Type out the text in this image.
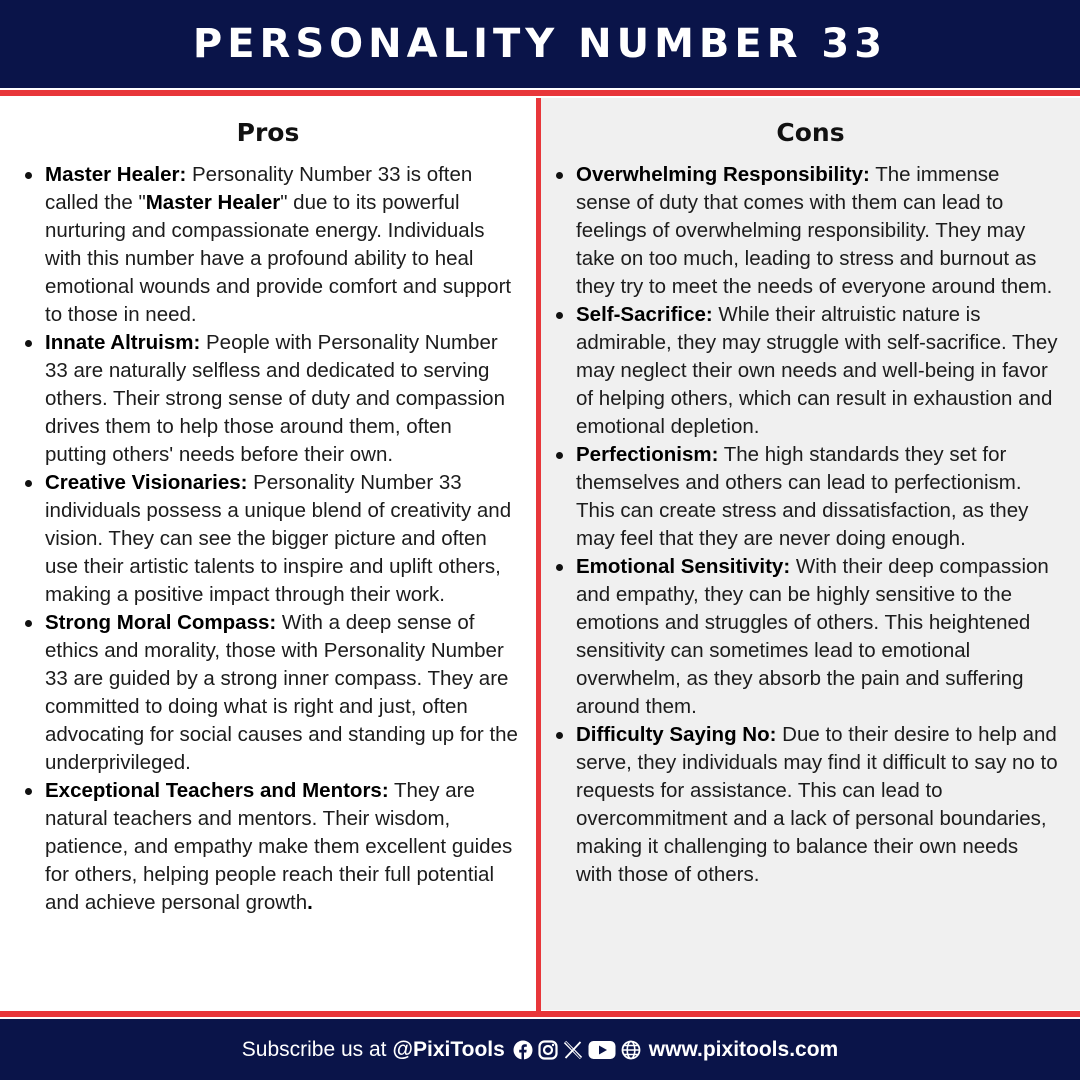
PERSONALITY NUMBER 33
Pros
Master Healer: Personality Number 33 is often called the "Master Healer" due to its powerful nurturing and compassionate energy. Individuals with this number have a profound ability to heal emotional wounds and provide comfort and support to those in need.
Innate Altruism: People with Personality Number 33 are naturally selfless and dedicated to serving others. Their strong sense of duty and compassion drives them to help those around them, often putting others' needs before their own.
Creative Visionaries: Personality Number 33 individuals possess a unique blend of creativity and vision. They can see the bigger picture and often use their artistic talents to inspire and uplift others, making a positive impact through their work.
Strong Moral Compass: With a deep sense of ethics and morality, those with Personality Number 33 are guided by a strong inner compass. They are committed to doing what is right and just, often advocating for social causes and standing up for the underprivileged.
Exceptional Teachers and Mentors: They are natural teachers and mentors. Their wisdom, patience, and empathy make them excellent guides for others, helping people reach their full potential and achieve personal growth.
Cons
Overwhelming Responsibility: The immense sense of duty that comes with them can lead to feelings of overwhelming responsibility. They may take on too much, leading to stress and burnout as they try to meet the needs of everyone around them.
Self-Sacrifice: While their altruistic nature is admirable, they may struggle with self-sacrifice. They may neglect their own needs and well-being in favor of helping others, which can result in exhaustion and emotional depletion.
Perfectionism: The high standards they set for themselves and others can lead to perfectionism. This can create stress and dissatisfaction, as they may feel that they are never doing enough.
Emotional Sensitivity: With their deep compassion and empathy, they can be highly sensitive to the emotions and struggles of others. This heightened sensitivity can sometimes lead to emotional overwhelm, as they absorb the pain and suffering around them.
Difficulty Saying No: Due to their desire to help and serve, they individuals may find it difficult to say no to requests for assistance. This can lead to overcommitment and a lack of personal boundaries, making it challenging to balance their own needs with those of others.
Subscribe us at @PixiTools	www.pixitools.com
